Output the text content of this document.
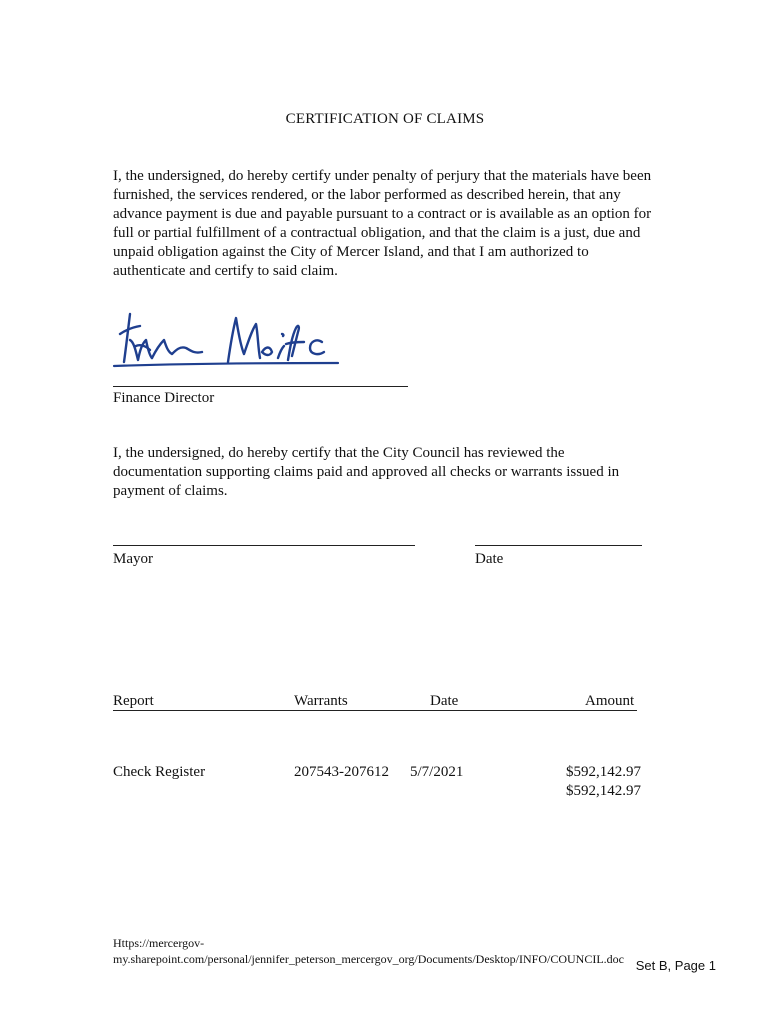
CERTIFICATION OF CLAIMS
I, the undersigned, do hereby certify under penalty of perjury that the materials have been
furnished, the services rendered, or the labor performed as described herein, that any
advance payment is due and payable pursuant to a contract or is available as an option for
full or partial fulfillment of a contractual obligation, and that the claim is a just, due and
unpaid obligation against the City of Mercer Island, and that I am authorized to
authenticate and certify to said claim.
Finance Director
I, the undersigned, do hereby certify that the City Council has reviewed the
documentation supporting claims paid and approved all checks or warrants issued in
payment of claims.
Mayor	Date
Report	Warrants	Date	Amount
Check Register	207543-207612 5/7/2021	$592,142.97
$592,142.97
Https://mercergov-
my.sharepoint.com/personal/jennifer_peterson_mercergov_org/Documents/Desktop/INFO/COUNCIL.doc Set B, Page 1
